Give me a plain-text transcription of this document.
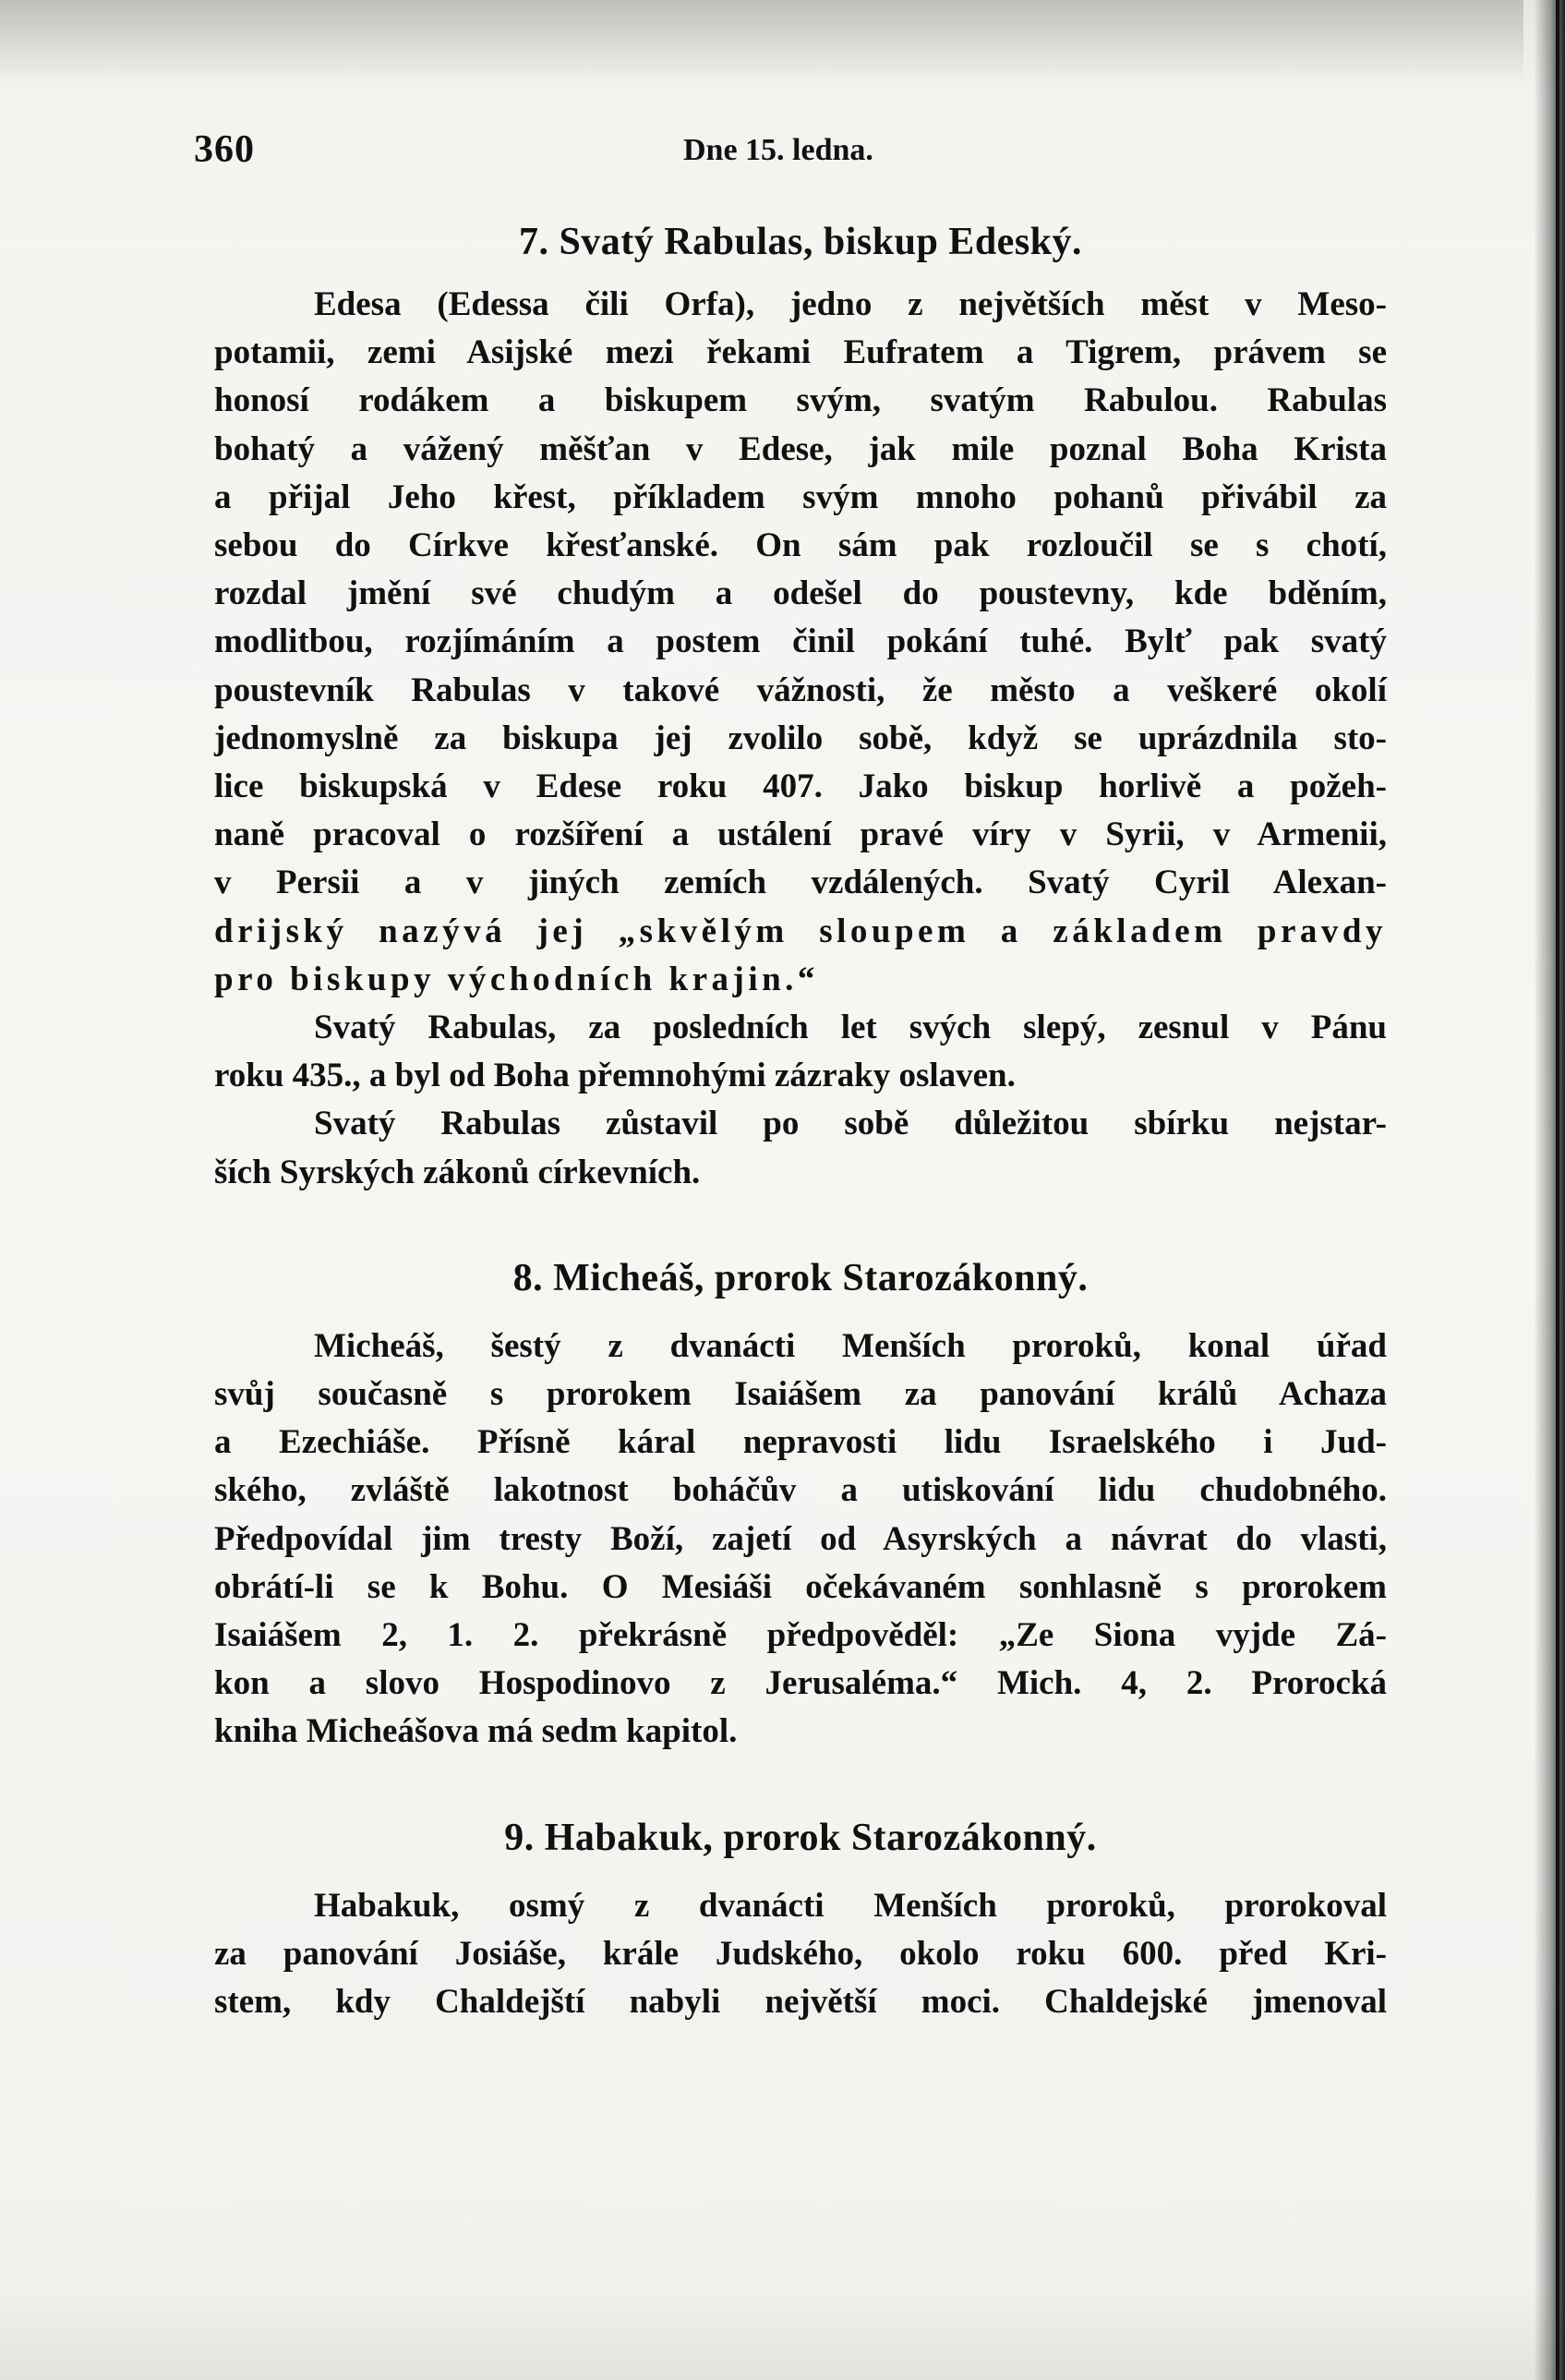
360	Dne 15. ledna.
7. Svatý Rabulas, biskup Edeský.
Edesa (Edessa čili Orfa), jedno z největších měst v Meso-
potamii, zemi Asijské mezi řekami Eufratem a Tigrem, právem se
honosí rodákem a biskupem svým, svatým Rabulou. Rabulas
bohatý a vážený měšťan v Edese, jak mile poznal Boha Krista
a přijal Jeho křest, příkladem svým mnoho pohanů přivábil za
sebou do Církve křesťanské. On sám pak rozloučil se s chotí,
rozdal jmění své chudým a odešel do poustevny, kde bděním,
modlitbou, rozjímáním a postem činil pokání tuhé. Bylť pak svatý
poustevník Rabulas v takové vážnosti, že město a veškeré okolí
jednomyslně za biskupa jej zvolilo sobě, když se uprázdnila sto-
lice biskupská v Edese roku 407. Jako biskup horlivě a požeh-
naně pracoval o rozšíření a ustálení pravé víry v Syrii, v Armenii,
v Persii a v jiných zemích vzdálených. Svatý Cyril Alexan-
drijský nazývá jej „skvělým sloupem a základem pravdy
pro biskupy východních krajin.“
Svatý Rabulas, za posledních let svých slepý, zesnul v Pánu
roku 435., a byl od Boha přemnohými zázraky oslaven.
Svatý Rabulas zůstavil po sobě důležitou sbírku nejstar-
ších Syrských zákonů církevních.
8. Micheáš, prorok Starozákonný.
Micheáš, šestý z dvanácti Menších proroků, konal úřad
svůj současně s prorokem Isaiášem za panování králů Achaza
a Ezechiáše. Přísně káral nepravosti lidu Israelského i Jud-
ského, zvláště lakotnost boháčův a utiskování lidu chudobného.
Předpovídal jim tresty Boží, zajetí od Asyrských a návrat do vlasti,
obrátí-li se k Bohu. O Mesiáši očekávaném sonhlasně s prorokem
Isaiášem 2, 1. 2. překrásně předpověděl: „Ze Siona vyjde Zá-
kon a slovo Hospodinovo z Jerusaléma.“ Mich. 4, 2. Prorocká
kniha Micheášova má sedm kapitol.
9. Habakuk, prorok Starozákonný.
Habakuk, osmý z dvanácti Menších proroků, prorokoval
za panování Josiáše, krále Judského, okolo roku 600. před Kri-
stem, kdy Chaldejští nabyli největší moci. Chaldejské jmenoval
